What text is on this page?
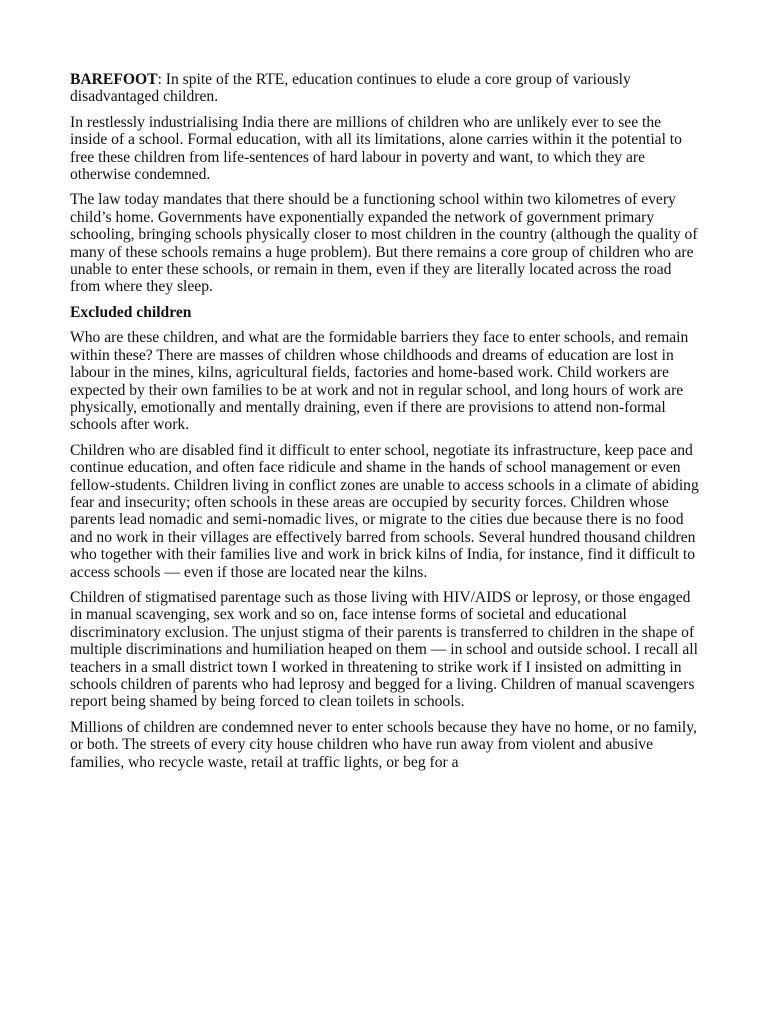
BAREFOOT: In spite of the RTE, education continues to elude a core group of variously disadvantaged children.

In restlessly industrialising India there are millions of children who are unlikely ever to see the inside of a school. Formal education, with all its limitations, alone carries within it the potential to free these children from life-sentences of hard labour in poverty and want, to which they are otherwise condemned.

The law today mandates that there should be a functioning school within two kilometres of every child’s home. Governments have exponentially expanded the network of government primary schooling, bringing schools physically closer to most children in the country (although the quality of many of these schools remains a huge problem). But there remains a core group of children who are unable to enter these schools, or remain in them, even if they are literally located across the road from where they sleep.

Excluded children

Who are these children, and what are the formidable barriers they face to enter schools, and remain within these? There are masses of children whose childhoods and dreams of education are lost in labour in the mines, kilns, agricultural fields, factories and home-based work. Child workers are expected by their own families to be at work and not in regular school, and long hours of work are physically, emotionally and mentally draining, even if there are provisions to attend non-formal schools after work.

Children who are disabled find it difficult to enter school, negotiate its infrastructure, keep pace and continue education, and often face ridicule and shame in the hands of school management or even fellow-students. Children living in conflict zones are unable to access schools in a climate of abiding fear and insecurity; often schools in these areas are occupied by security forces. Children whose parents lead nomadic and semi-nomadic lives, or migrate to the cities due because there is no food and no work in their villages are effectively barred from schools. Several hundred thousand children who together with their families live and work in brick kilns of India, for instance, find it difficult to access schools — even if those are located near the kilns.

Children of stigmatised parentage such as those living with HIV/AIDS or leprosy, or those engaged in manual scavenging, sex work and so on, face intense forms of societal and educational discriminatory exclusion. The unjust stigma of their parents is transferred to children in the shape of multiple discriminations and humiliation heaped on them — in school and outside school. I recall all teachers in a small district town I worked in threatening to strike work if I insisted on admitting in schools children of parents who had leprosy and begged for a living. Children of manual scavengers report being shamed by being forced to clean toilets in schools.

Millions of children are condemned never to enter schools because they have no home, or no family, or both. The streets of every city house children who have run away from violent and abusive families, who recycle waste, retail at traffic lights, or beg for a
